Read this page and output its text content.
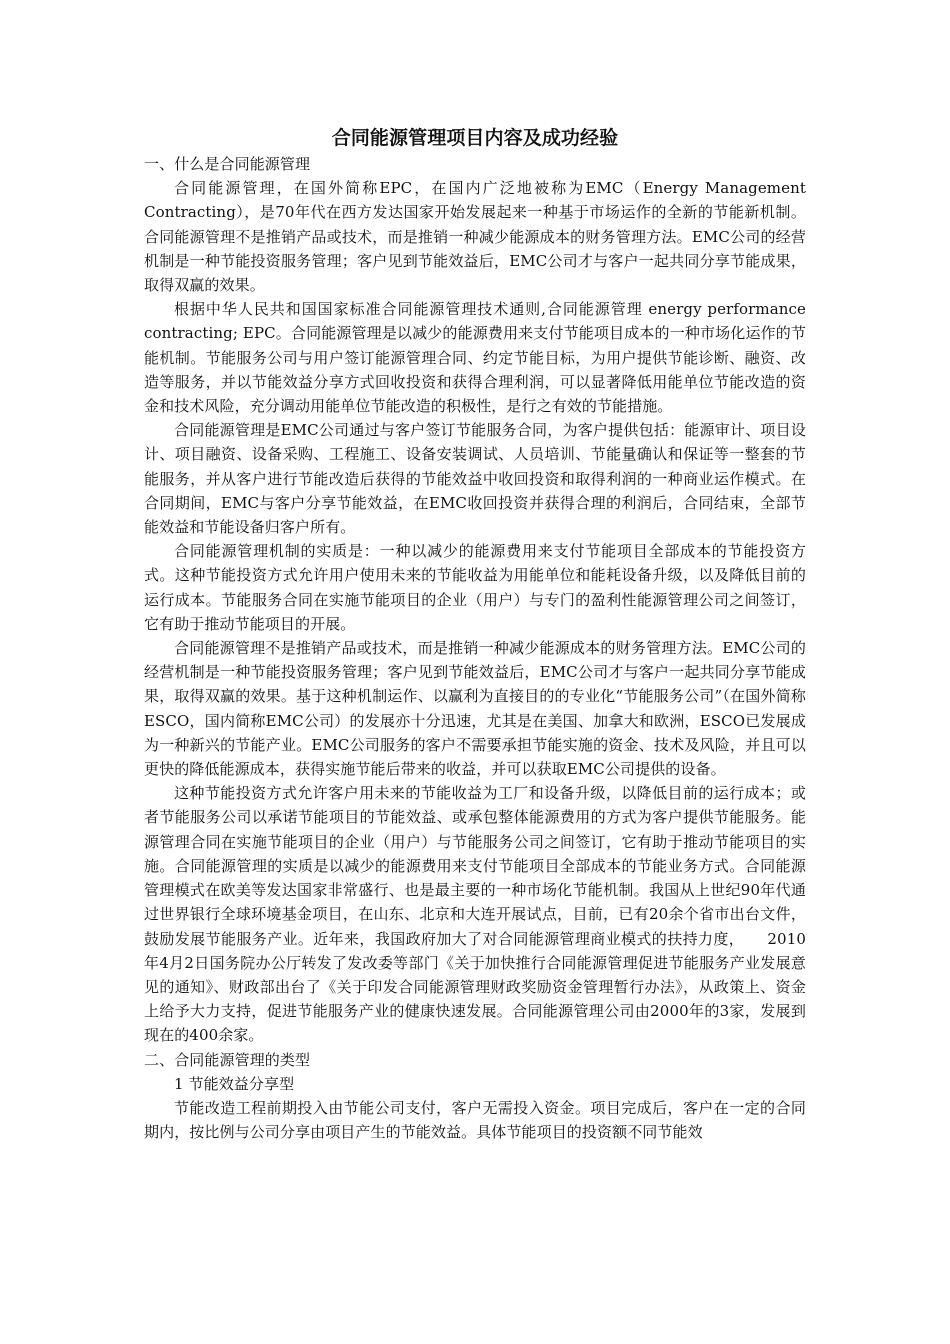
合同能源管理项目内容及成功经验

一、什么是合同能源管理

合同能源管理，在国外简称EPC，在国内广泛地被称为EMC（Energy Management Contracting），是70年代在西方发达国家开始发展起来一种基于市场运作的全新的节能新机制。合同能源管理不是推销产品或技术，而是推销一种减少能源成本的财务管理方法。EMC公司的经营机制是一种节能投资服务管理；客户见到节能效益后，EMC公司才与客户一起共同分享节能成果，取得双赢的效果。

根据中华人民共和国国家标准合同能源管理技术通则,合同能源管理 energy performance contracting; EPC。合同能源管理是以减少的能源费用来支付节能项目成本的一种市场化运作的节能机制。节能服务公司与用户签订能源管理合同、约定节能目标，为用户提供节能诊断、融资、改造等服务，并以节能效益分享方式回收投资和获得合理利润，可以显著降低用能单位节能改造的资金和技术风险，充分调动用能单位节能改造的积极性，是行之有效的节能措施。

合同能源管理是EMC公司通过与客户签订节能服务合同，为客户提供包括：能源审计、项目设计、项目融资、设备采购、工程施工、设备安装调试、人员培训、节能量确认和保证等一整套的节能服务，并从客户进行节能改造后获得的节能效益中收回投资和取得利润的一种商业运作模式。在合同期间，EMC与客户分享节能效益，在EMC收回投资并获得合理的利润后，合同结束，全部节能效益和节能设备归客户所有。

合同能源管理机制的实质是：一种以减少的能源费用来支付节能项目全部成本的节能投资方式。这种节能投资方式允许用户使用未来的节能收益为用能单位和能耗设备升级，以及降低目前的运行成本。节能服务合同在实施节能项目的企业（用户）与专门的盈利性能源管理公司之间签订，它有助于推动节能项目的开展。

合同能源管理不是推销产品或技术，而是推销一种减少能源成本的财务管理方法。EMC公司的经营机制是一种节能投资服务管理；客户见到节能效益后，EMC公司才与客户一起共同分享节能成果，取得双赢的效果。基于这种机制运作、以赢利为直接目的的专业化“节能服务公司”（在国外简称ESCO，国内简称EMC公司）的发展亦十分迅速，尤其是在美国、加拿大和欧洲，ESCO已发展成为一种新兴的节能产业。EMC公司服务的客户不需要承担节能实施的资金、技术及风险，并且可以更快的降低能源成本，获得实施节能后带来的收益，并可以获取EMC公司提供的设备。

这种节能投资方式允许客户用未来的节能收益为工厂和设备升级，以降低目前的运行成本；或者节能服务公司以承诺节能项目的节能效益、或承包整体能源费用的方式为客户提供节能服务。能源管理合同在实施节能项目的企业（用户）与节能服务公司之间签订，它有助于推动节能项目的实施。合同能源管理的实质是以减少的能源费用来支付节能项目全部成本的节能业务方式。合同能源管理模式在欧美等发达国家非常盛行、也是最主要的一种市场化节能机制。我国从上世纪90年代通过世界银行全球环境基金项目，在山东、北京和大连开展试点，目前，已有20余个省市出台文件，鼓励发展节能服务产业。近年来，我国政府加大了对合同能源管理商业模式的扶持力度，　　2010年4月2日国务院办公厅转发了发改委等部门《关于加快推行合同能源管理促进节能服务产业发展意见的通知》、财政部出台了《关于印发合同能源管理财政奖励资金管理暂行办法》，从政策上、资金上给予大力支持，促进节能服务产业的健康快速发展。合同能源管理公司由2000年的3家，发展到现在的400余家。

二、合同能源管理的类型

1 节能效益分享型

节能改造工程前期投入由节能公司支付，客户无需投入资金。项目完成后，客户在一定的合同期内，按比例与公司分享由项目产生的节能效益。具体节能项目的投资额不同节能效
